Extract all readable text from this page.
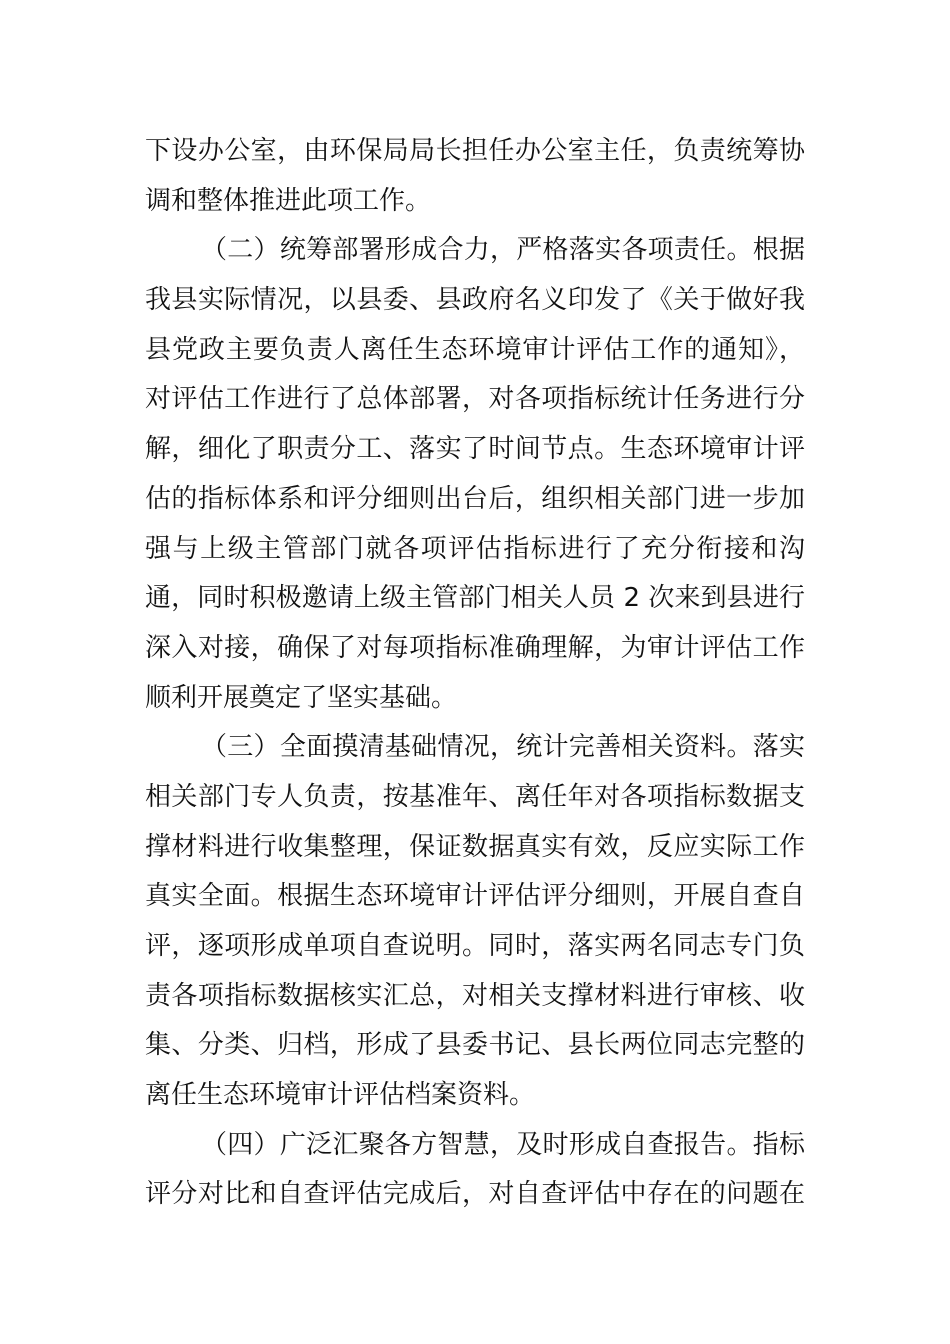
下设办公室，由环保局局长担任办公室主任，负责统筹协
调和整体推进此项工作。
（二）统筹部署形成合力，严格落实各项责任。根据
我县实际情况，以县委、县政府名义印发了《关于做好我
县党政主要负责人离任生态环境审计评估工作的通知》，
对评估工作进行了总体部署，对各项指标统计任务进行分
解，细化了职责分工、落实了时间节点。生态环境审计评
估的指标体系和评分细则出台后，组织相关部门进一步加
强与上级主管部门就各项评估指标进行了充分衔接和沟
通，同时积极邀请上级主管部门相关人员 2 次来到县进行
深入对接，确保了对每项指标准确理解，为审计评估工作
顺利开展奠定了坚实基础。
（三）全面摸清基础情况，统计完善相关资料。落实
相关部门专人负责，按基准年、离任年对各项指标数据支
撑材料进行收集整理，保证数据真实有效，反应实际工作
真实全面。根据生态环境审计评估评分细则，开展自查自
评，逐项形成单项自查说明。同时，落实两名同志专门负
责各项指标数据核实汇总，对相关支撑材料进行审核、收
集、分类、归档，形成了县委书记、县长两位同志完整的
离任生态环境审计评估档案资料。
（四）广泛汇聚各方智慧，及时形成自查报告。指标
评分对比和自查评估完成后，对自查评估中存在的问题在
